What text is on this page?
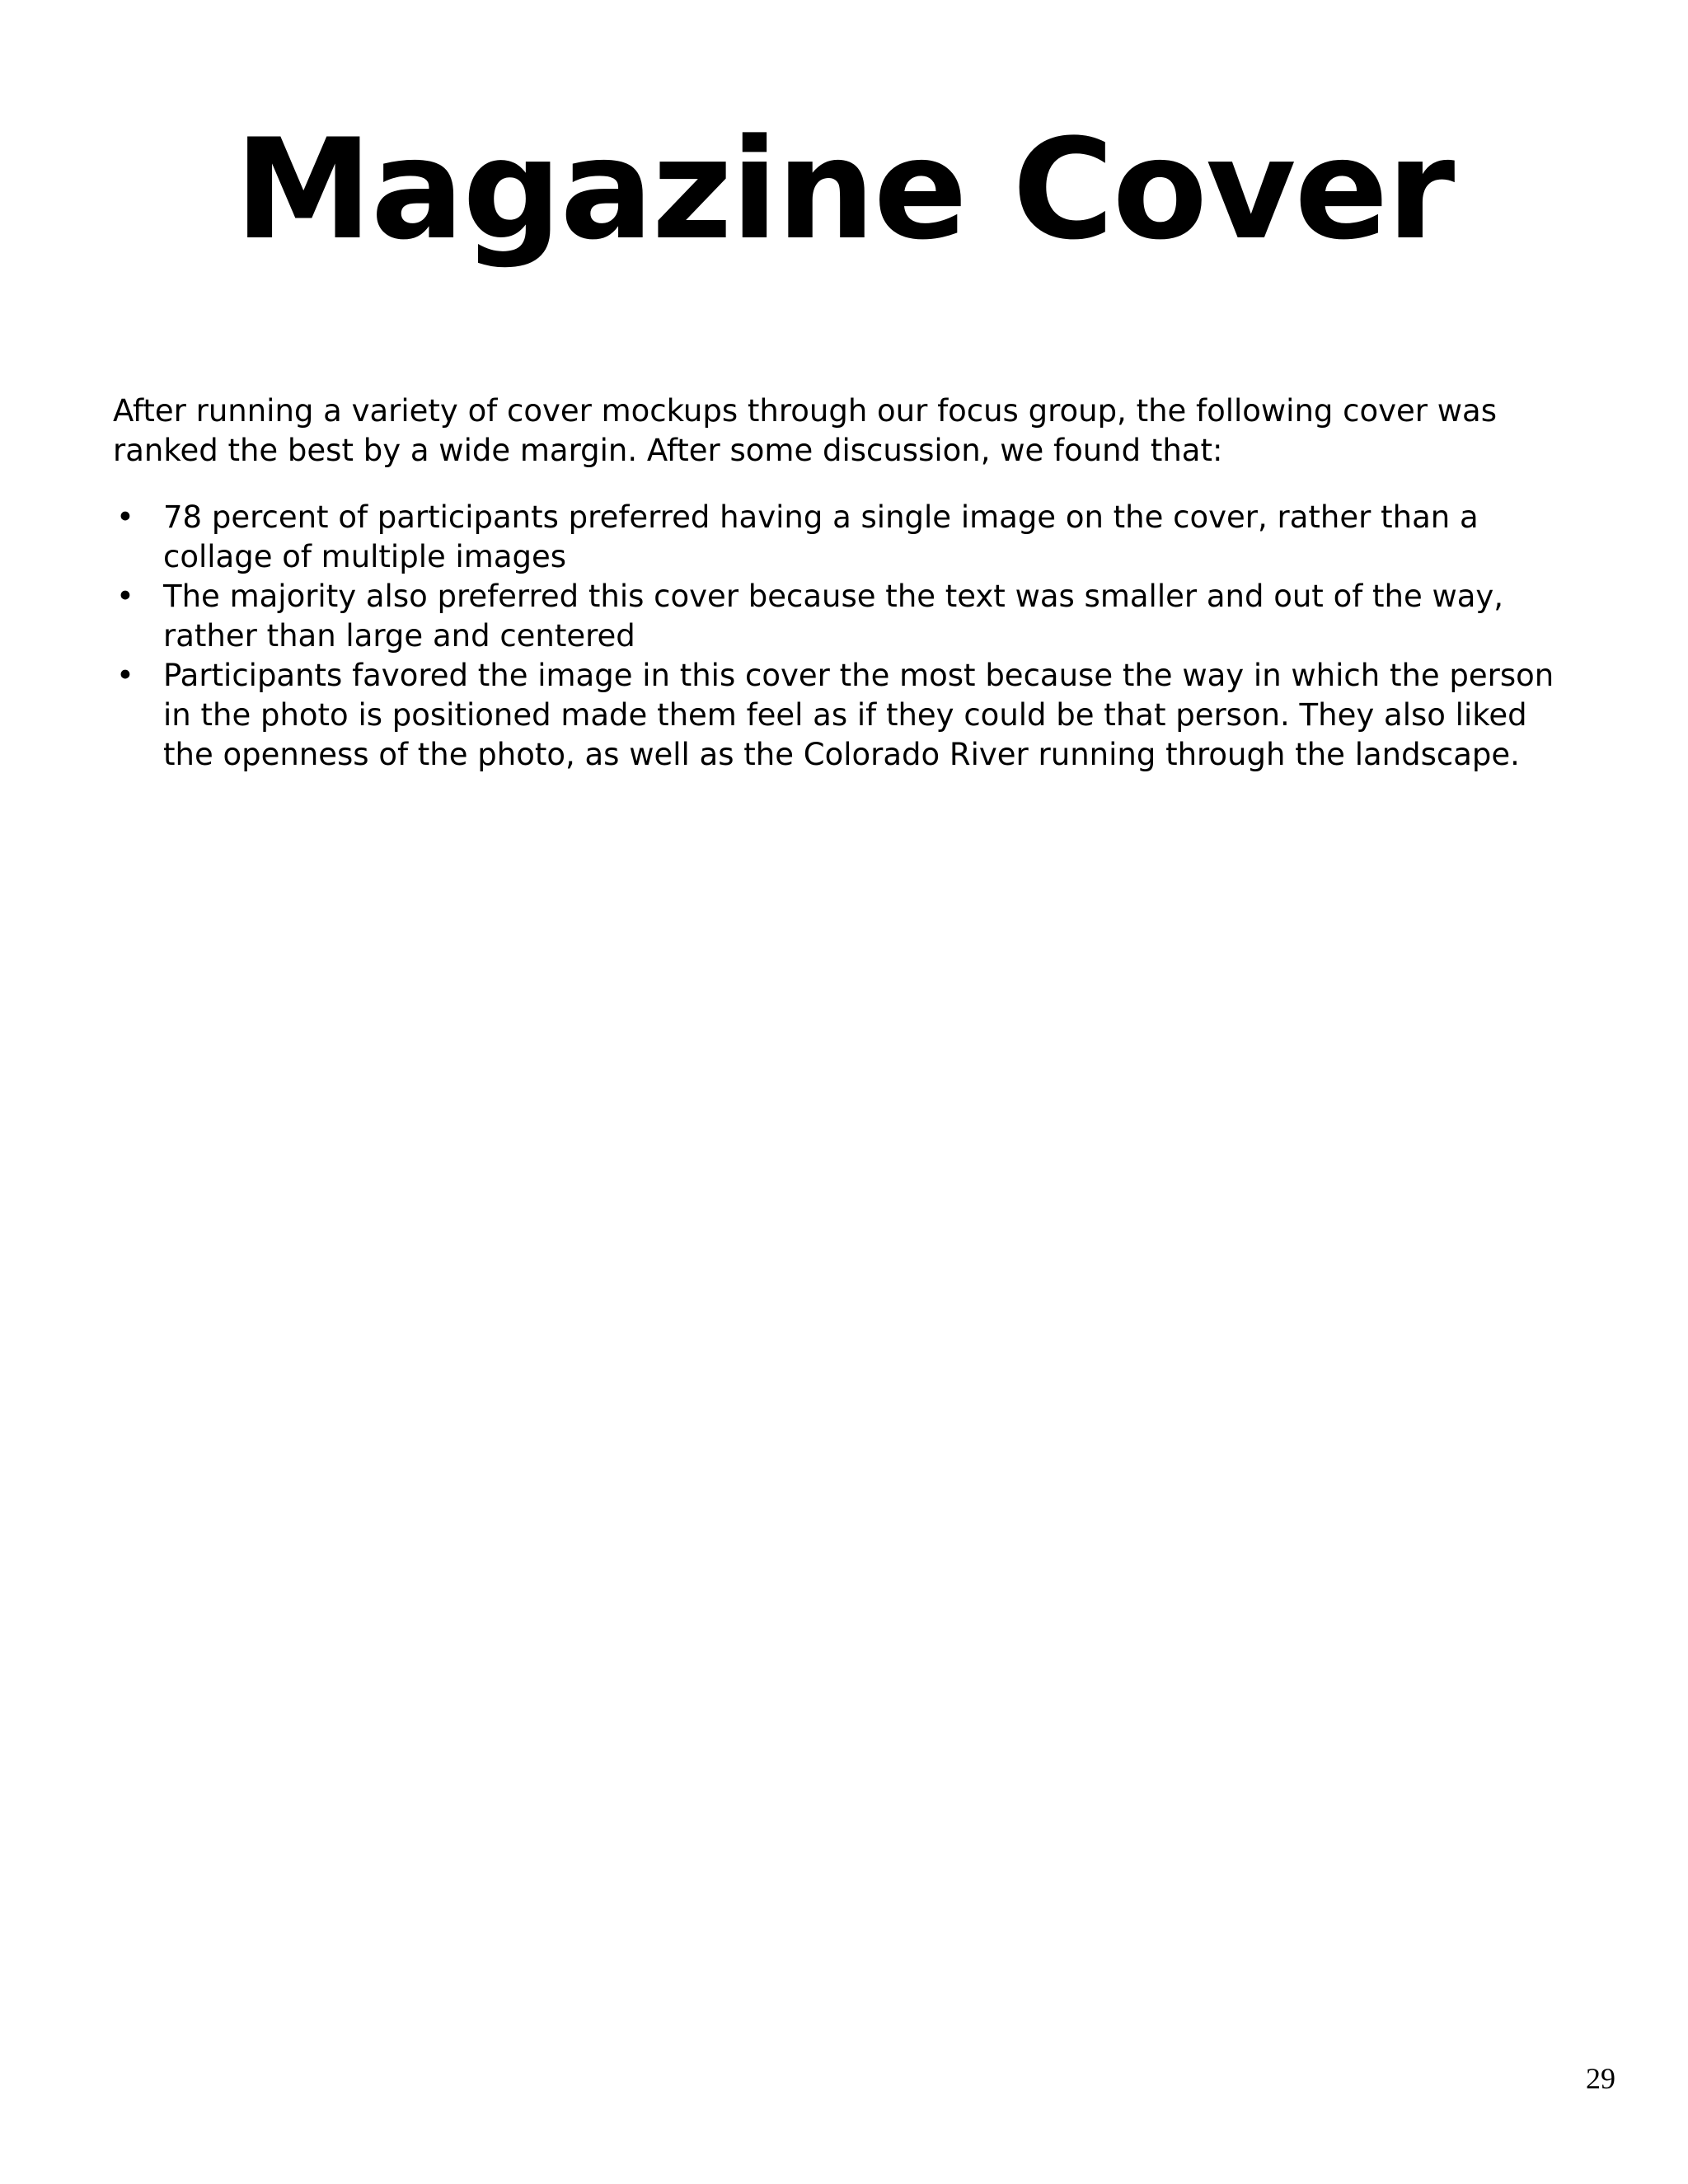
Magazine Cover

After running a variety of cover mockups through our focus group, the following cover was ranked the best by a wide margin. After some discussion, we found that:

• 78 percent of participants preferred having a single image on the cover, rather than a collage of multiple images
• The majority also preferred this cover because the text was smaller and out of the way, rather than large and centered
• Participants favored the image in this cover the most because the way in which the person in the photo is positioned made them feel as if they could be that person. They also liked the openness of the photo, as well as the Colorado River running through the landscape.
29
